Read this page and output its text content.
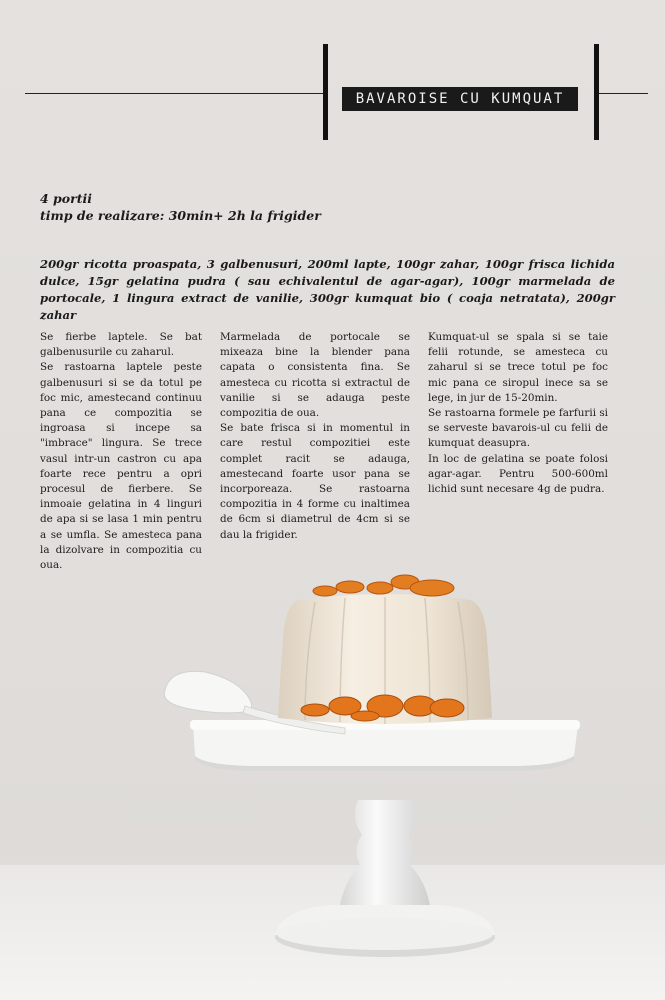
BAVAROISE CU KUMQUAT
4 portii
timp de realizare: 30min+ 2h la frigider
200gr ricotta proaspata, 3 galbenusuri, 200ml lapte, 100gr zahar, 100gr frisca lichida dulce, 15gr gelatina pudra ( sau echivalentul de agar-agar), 100gr marmelada de portocale, 1 lingura extract de vanilie, 300gr kumquat bio ( coaja netratata), 200gr zahar

Se fierbe laptele. Se bat galbenusurile cu zaharul.

Se rastoarna laptele peste galbenusuri si se da totul pe foc mic, amestecand continuu pana ce compozitia se ingroasa si incepe sa "imbrace" lingura. Se trece vasul intr-un castron cu apa foarte rece pentru a opri procesul de fierbere. Se inmoaie gelatina in 4 linguri de apa si se lasa 1 min pentru a se umfla. Se amesteca pana la dizolvare in compozitia cu oua.

Marmelada de portocale se mixeaza bine la blender pana capata o consistenta fina. Se amesteca cu ricotta si extractul de vanilie si se adauga peste compozitia de oua.

Se bate frisca si in momentul in care restul compozitiei este complet racit se adauga, amestecand foarte usor pana se incorporeaza. Se rastoarna compozitia in 4 forme cu inaltimea de 6cm si diametrul de 4cm si se dau la frigider.

Kumquat-ul se spala si se taie felii rotunde, se amesteca cu zaharul si se trece totul pe foc mic pana ce siropul inece sa se lege, in jur de 15-20min.

Se rastoarna formele pe farfurii si se serveste bavarois-ul cu felii de kumquat deasupra.

In loc de gelatina se poate folosi agar-agar. Pentru 500-600ml lichid sunt necesare 4g de pudra.
